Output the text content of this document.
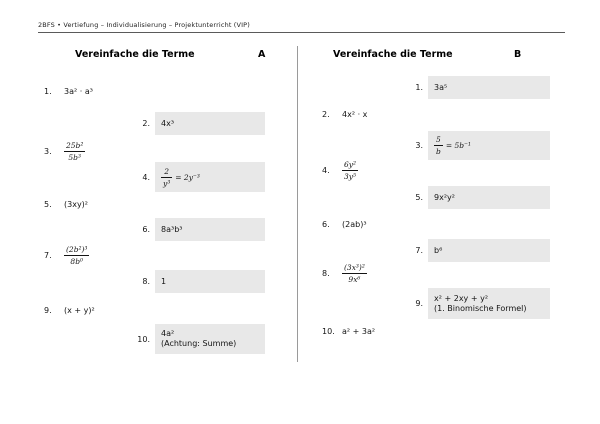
2BFS • Vertiefung – Individualisierung – Projektunterricht (VIP)
Vereinfache die Terme	A	Vereinfache die Terme	B
1.	3a² · a³
2. 4x³
3.	$\frac{\text{25b²}}{\text{5b³}}$
4. $\frac{2}{\text{y³}} = 2y^{-3}$
5.	(3xy)²
6. 8a³b³
7.	$\frac{\text{(2b²)³}}{\text{8b⁰}}$
8. 1
9.	(x + y)²
10.
4a²
(Achtung: Summe)
1. 3a⁵
2.	4x² · x
3. $\frac{5}{b} = 5b^{-1}$
4.	$\frac{\text{6y²}}{\text{3y⁵}}$
5. 9x²y²
6.	(2ab)³
7. b⁶
8.	$\frac{\text{(3x³)²}}{\text{9x⁶}}$
9.
x² + 2xy + y²
(1. Binomische Formel)
10. a² + 3a²
